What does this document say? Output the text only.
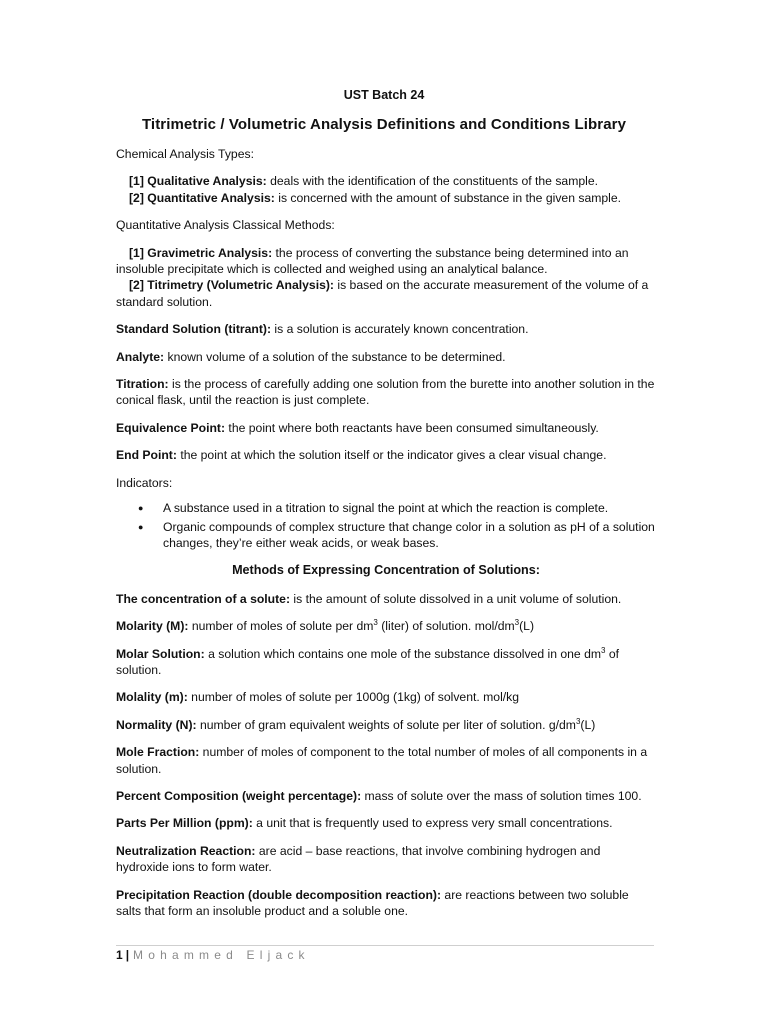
UST Batch 24
Titrimetric / Volumetric Analysis Definitions and Conditions Library

Chemical Analysis Types:

[1] Qualitative Analysis: deals with the identification of the constituents of the sample.

[2] Quantitative Analysis: is concerned with the amount of substance in the given sample.

Quantitative Analysis Classical Methods:

[1] Gravimetric Analysis: the process of converting the substance being determined into an insoluble precipitate which is collected and weighed using an analytical balance.

[2] Titrimetry (Volumetric Analysis): is based on the accurate measurement of the volume of a standard solution.

Standard Solution (titrant): is a solution is accurately known concentration.

Analyte: known volume of a solution of the substance to be determined.

Titration: is the process of carefully adding one solution from the burette into another solution in the conical flask, until the reaction is just complete.

Equivalence Point: the point where both reactants have been consumed simultaneously.

End Point: the point at which the solution itself or the indicator gives a clear visual change.

Indicators:

● A substance used in a titration to signal the point at which the reaction is complete.
● Organic compounds of complex structure that change color in a solution as pH of a solution changes, they’re either weak acids, or weak bases.

Methods of Expressing Concentration of Solutions:

The concentration of a solute: is the amount of solute dissolved in a unit volume of solution.

Molarity (M): number of moles of solute per $dm^3$ (liter) of solution. mol/$dm^3(L)$

Molar Solution: a solution which contains one mole of the substance dissolved in one $dm^3$ of solution.

Molality (m): number of moles of solute per 1000g (1kg) of solvent. mol/kg

Normality (N): number of gram equivalent weights of solute per liter of solution. $g/dm^3(L)$

Mole Fraction: number of moles of component to the total number of moles of all components in a solution.

Percent Composition (weight percentage): mass of solute over the mass of solution times 100.

Parts Per Million (ppm): a unit that is frequently used to express very small concentrations.

Neutralization Reaction: are acid – base reactions, that involve combining hydrogen and hydroxide ions to form water.

Precipitation Reaction (double decomposition reaction): are reactions between two soluble salts that form an insoluble product and a soluble one.

1 | Mohammed Eljack
